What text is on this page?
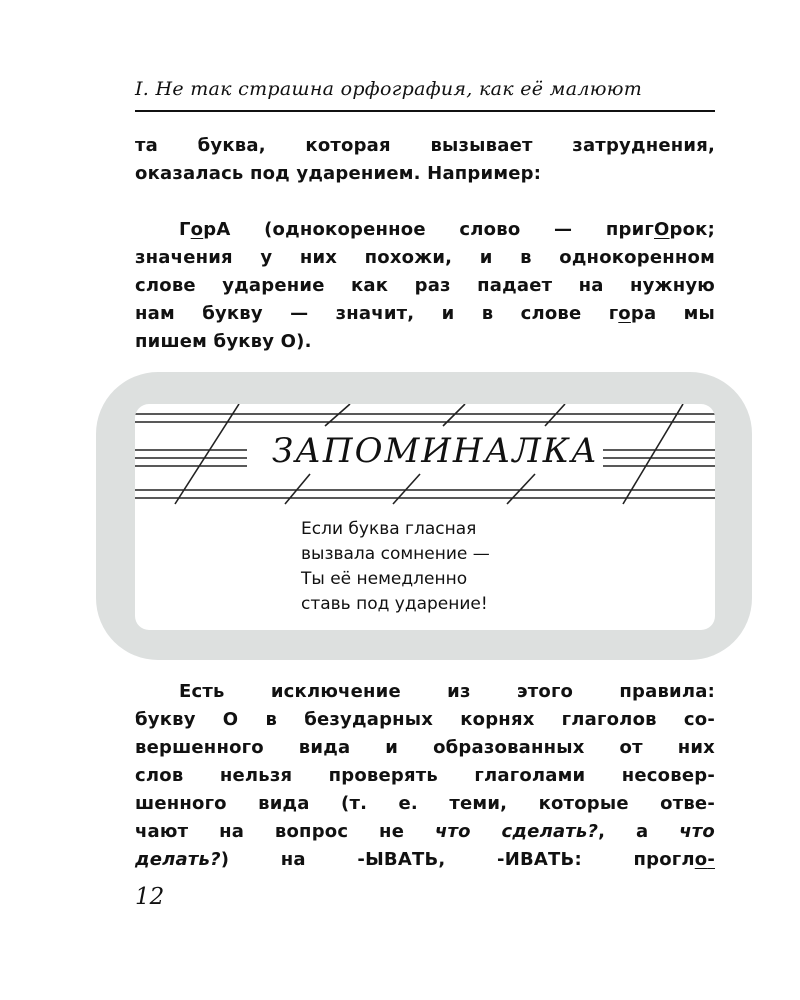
I. Не так страшна орфография, как её малюют
та буква, которая вызывает затруднения,
оказалась под ударением. Например:
ГорА (однокоренное слово — пригОрок;
значения у них похожи, и в однокоренном
слове ударение как раз падает на нужную
нам букву — значит, и в слове гора мы
пишем букву О).
ЗАПОМИНАЛКА
Если буква гласная
вызвала сомнение —
Ты её немедленно
ставь под ударение!
Есть исключение из этого правила:
букву О в безударных корнях глаголов со-
вершенного вида и образованных от них
слов нельзя проверять глаголами несовер-
шенного вида (т. е. теми, которые отве-
чают на вопрос не что сделать?, а что
делать?) на -ЫВАТЬ, -ИВАТЬ: прогло-
12
